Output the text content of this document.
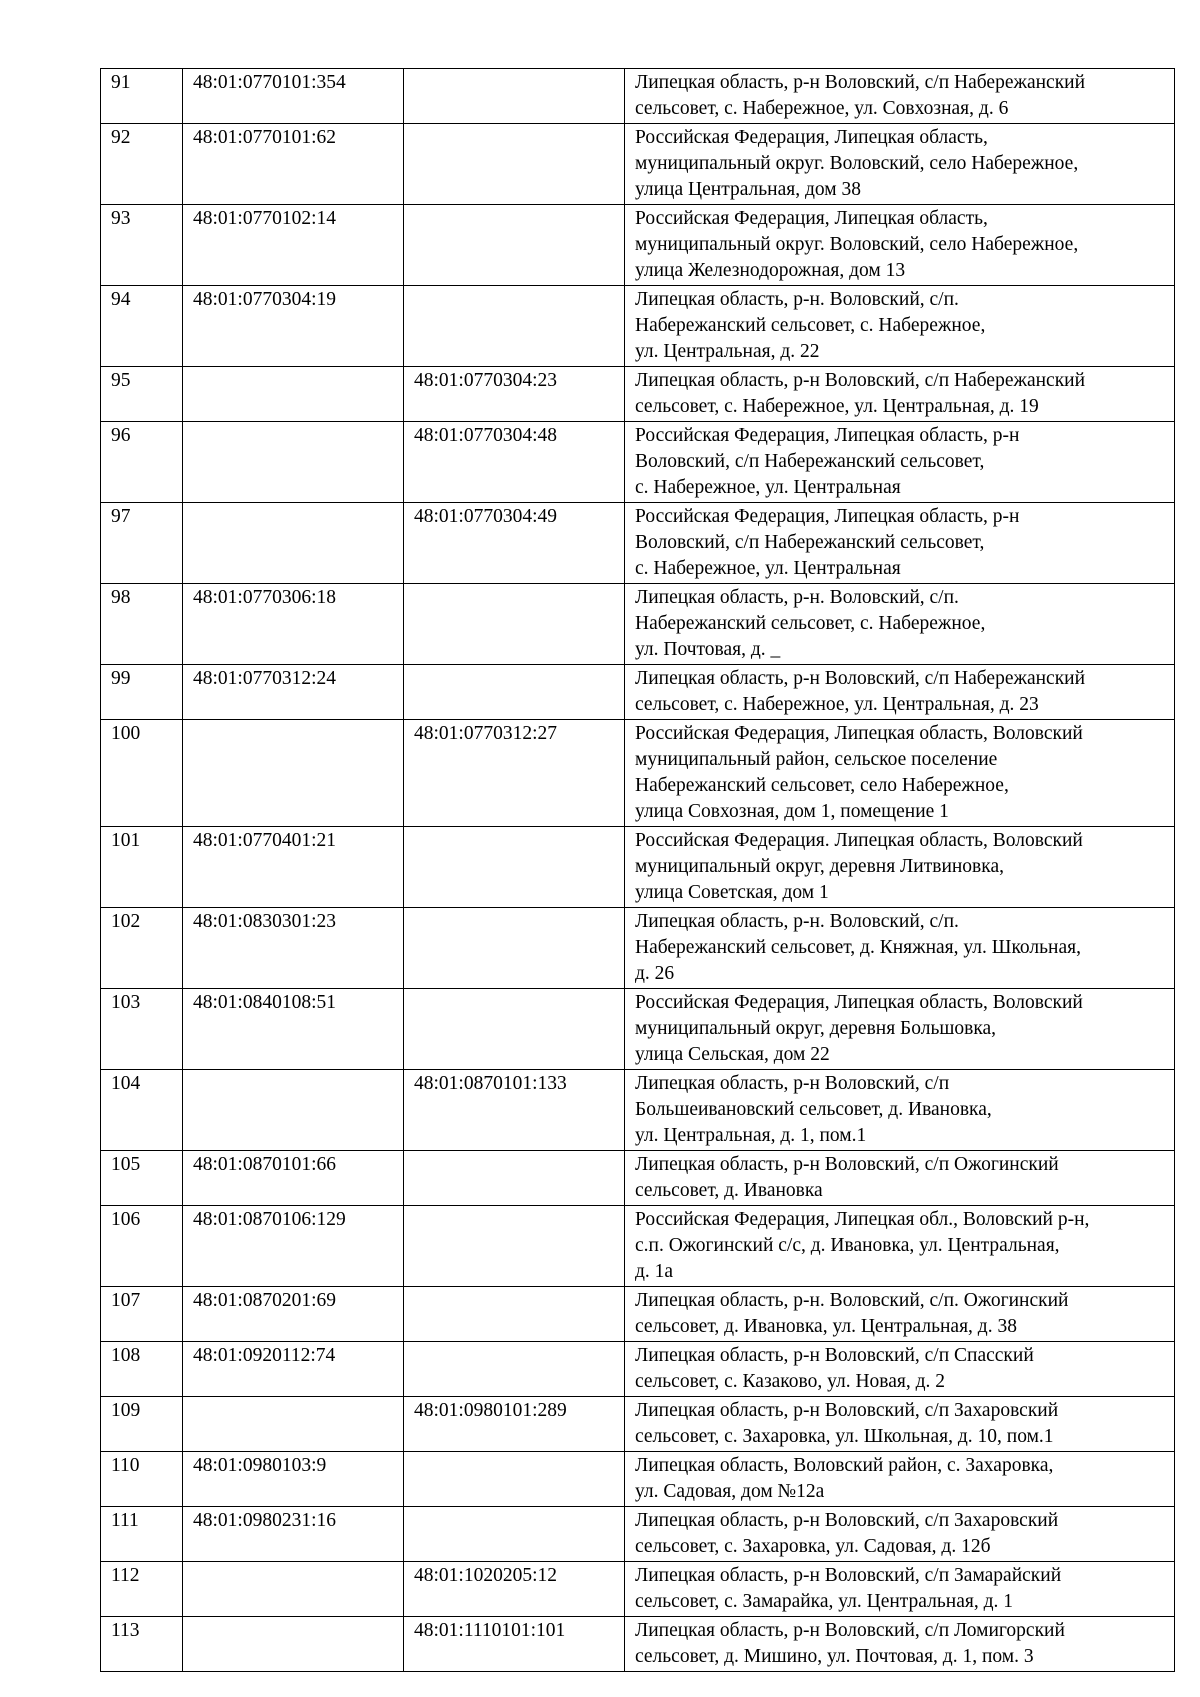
91	48:01:0770101:354		Липецкая область, р-н Воловский, с/п Набережанский
сельсовет, с. Набережное, ул. Совхозная, д. 6
92	48:01:0770101:62		Российская Федерация, Липецкая область,
муниципальный округ. Воловский, село Набережное,
улица Центральная, дом 38
93	48:01:0770102:14		Российская Федерация, Липецкая область,
муниципальный округ. Воловский, село Набережное,
улица Железнодорожная, дом 13
94	48:01:0770304:19		Липецкая область, р-н. Воловский, с/п.
Набережанский сельсовет, с. Набережное,
ул. Центральная, д. 22
95		48:01:0770304:23	Липецкая область, р-н Воловский, с/п Набережанский
сельсовет, с. Набережное, ул. Центральная, д. 19
96		48:01:0770304:48	Российская Федерация, Липецкая область, р-н
Воловский, с/п Набережанский сельсовет,
с. Набережное, ул. Центральная
97		48:01:0770304:49	Российская Федерация, Липецкая область, р-н
Воловский, с/п Набережанский сельсовет,
с. Набережное, ул. Центральная
98	48:01:0770306:18		Липецкая область, р-н. Воловский, с/п.
Набережанский сельсовет, с. Набережное,
ул. Почтовая, д. _
99	48:01:0770312:24		Липецкая область, р-н Воловский, с/п Набережанский
сельсовет, с. Набережное, ул. Центральная, д. 23
100		48:01:0770312:27	Российская Федерация, Липецкая область, Воловский
муниципальный район, сельское поселение
Набережанский сельсовет, село Набережное,
улица Совхозная, дом 1, помещение 1
101	48:01:0770401:21		Российская Федерация. Липецкая область, Воловский
муниципальный округ, деревня Литвиновка,
улица Советская, дом 1
102	48:01:0830301:23		Липецкая область, р-н. Воловский, с/п.
Набережанский сельсовет, д. Княжная, ул. Школьная,
д. 26
103	48:01:0840108:51		Российская Федерация, Липецкая область, Воловский
муниципальный округ, деревня Большовка,
улица Сельская, дом 22
104		48:01:0870101:133	Липецкая область, р-н Воловский, с/п
Большеивановский сельсовет, д. Ивановка,
ул. Центральная, д. 1, пом.1
105	48:01:0870101:66		Липецкая область, р-н Воловский, с/п Ожогинский
сельсовет, д. Ивановка
106	48:01:0870106:129		Российская Федерация, Липецкая обл., Воловский р-н,
с.п. Ожогинский с/с, д. Ивановка, ул. Центральная,
д. 1а
107	48:01:0870201:69		Липецкая область, р-н. Воловский, с/п. Ожогинский
сельсовет, д. Ивановка, ул. Центральная, д. 38
108	48:01:0920112:74		Липецкая область, р-н Воловский, с/п Спасский
сельсовет, с. Казаково, ул. Новая, д. 2
109		48:01:0980101:289	Липецкая область, р-н Воловский, с/п Захаровский
сельсовет, с. Захаровка, ул. Школьная, д. 10, пом.1
110	48:01:0980103:9		Липецкая область, Воловский район, с. Захаровка,
ул. Садовая, дом №12а
111	48:01:0980231:16		Липецкая область, р-н Воловский, с/п Захаровский
сельсовет, с. Захаровка, ул. Садовая, д. 12б
112		48:01:1020205:12	Липецкая область, р-н Воловский, с/п Замарайский
сельсовет, с. Замарайка, ул. Центральная, д. 1
113		48:01:1110101:101	Липецкая область, р-н Воловский, с/п Ломигорский
сельсовет, д. Мишино, ул. Почтовая, д. 1, пом. 3
